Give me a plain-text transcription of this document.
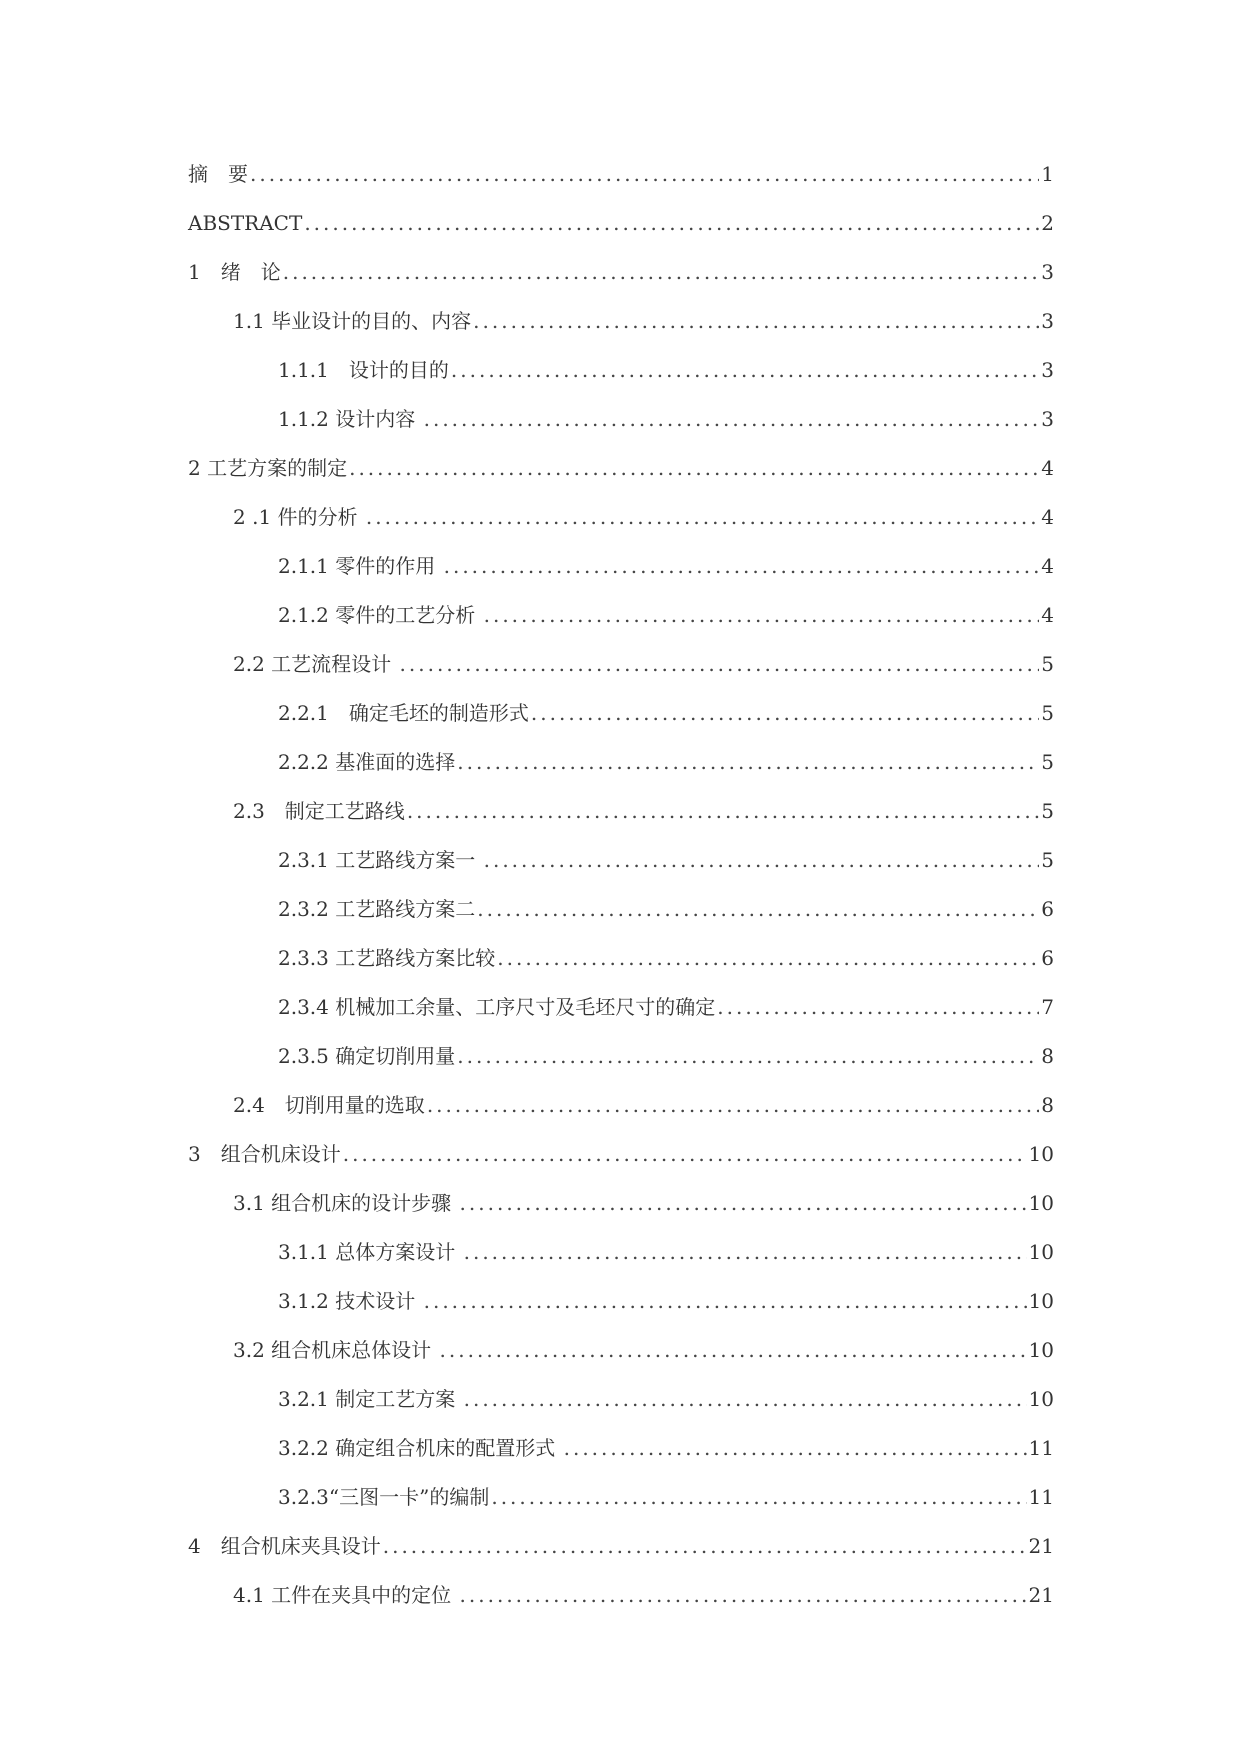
摘　要 .....	1
ABSTRACT .....	2
1　绪　论 .....	3
1.1 毕业设计的目的、内容 .....	3
1.1.1　设计的目的 .....	3
1.1.2 设计内容 .....	3
2 工艺方案的制定 .....	4
2 .1 件的分析 .....	4
2.1.1 零件的作用 .....	4
2.1.2 零件的工艺分析 .....	4
2.2 工艺流程设计 .....	5
2.2.1　确定毛坯的制造形式 .....	5
2.2.2 基准面的选择 .....	5
2.3　制定工艺路线 .....	5
2.3.1 工艺路线方案一 .....	5
2.3.2 工艺路线方案二 .....	6
2.3.3 工艺路线方案比较 .....	6
2.3.4 机械加工余量、工序尺寸及毛坯尺寸的确定 .....	7
2.3.5 确定切削用量 .....	8
2.4　切削用量的选取 .....	8
3　组合机床设计 .....	10
3.1 组合机床的设计步骤 .....	10
3.1.1 总体方案设计 .....	10
3.1.2 技术设计 .....	10
3.2 组合机床总体设计 .....	10
3.2.1 制定工艺方案 .....	10
3.2.2 确定组合机床的配置形式 .....	11
3.2.3“三图一卡”的编制 .....	11
4　组合机床夹具设计 .....	21
4.1 工件在夹具中的定位 .....	21
